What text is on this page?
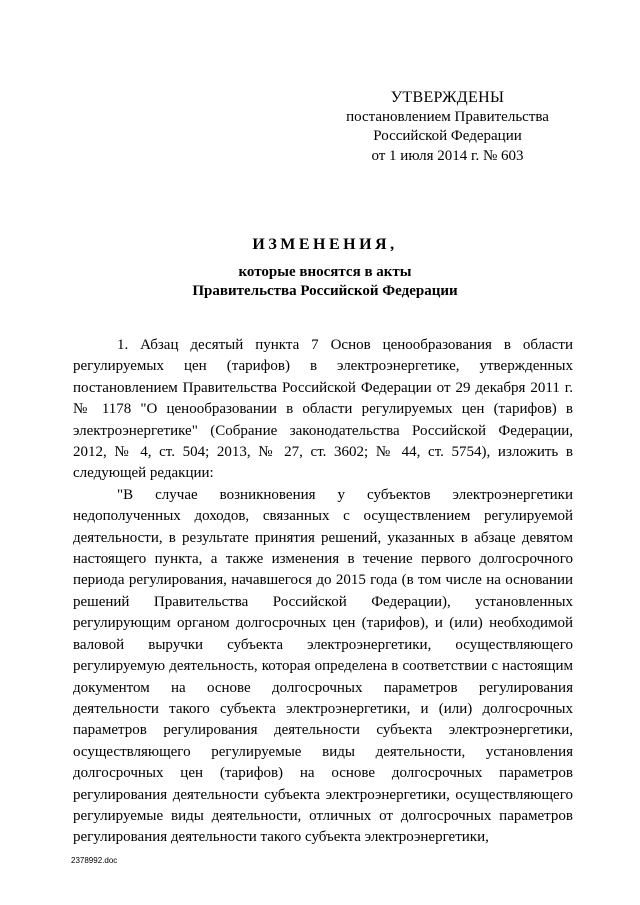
УТВЕРЖДЕНЫ
постановлением Правительства
Российской Федерации
от 1 июля 2014 г. № 603
ИЗМЕНЕНИЯ,
которые вносятся в акты
Правительства Российской Федерации

1. Абзац десятый пункта 7 Основ ценообразования в области регулируемых цен (тарифов) в электроэнергетике, утвержденных постановлением Правительства Российской Федерации от 29 декабря 2011 г. № 1178 "О ценообразовании в области регулируемых цен (тарифов) в электроэнергетике" (Собрание законодательства Российской Федерации, 2012, № 4, ст. 504; 2013, № 27, ст. 3602; № 44, ст. 5754), изложить в следующей редакции:

"В случае возникновения у субъектов электроэнергетики недополученных доходов, связанных с осуществлением регулируемой деятельности, в результате принятия решений, указанных в абзаце девятом настоящего пункта, а также изменения в течение первого долгосрочного периода регулирования, начавшегося до 2015 года (в том числе на основании решений Правительства Российской Федерации), установленных регулирующим органом долгосрочных цен (тарифов), и (или) необходимой валовой выручки субъекта электроэнергетики, осуществляющего регулируемую деятельность, которая определена в соответствии с настоящим документом на основе долгосрочных параметров регулирования деятельности такого субъекта электроэнергетики, и (или) долгосрочных параметров регулирования деятельности субъекта электроэнергетики, осуществляющего регулируемые виды деятельности, установления долгосрочных цен (тарифов) на основе долгосрочных параметров регулирования деятельности субъекта электроэнергетики, осуществляющего регулируемые виды деятельности, отличных от долгосрочных параметров регулирования деятельности такого субъекта электроэнергетики,

2378992.doc
